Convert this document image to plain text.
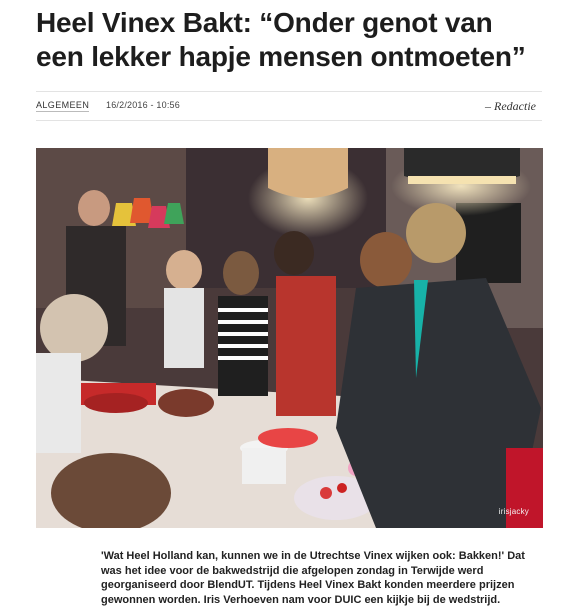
Heel Vinex Bakt: “Onder genot van een lekker hapje mensen ontmoeten”
ALGEMEEN 16/2/2016 - 10:56	– Redactie
irisjacky

'Wat Heel Holland kan, kunnen we in de Utrechtse Vinex wijken ook: Bakken!' Dat was het idee voor de bakwedstrijd die afgelopen zondag in Terwijde werd georganiseerd door BlendUT. Tijdens Heel Vinex Bakt konden meerdere prijzen gewonnen worden. Iris Verhoeven nam voor DUIC een kijkje bij de wedstrijd.
